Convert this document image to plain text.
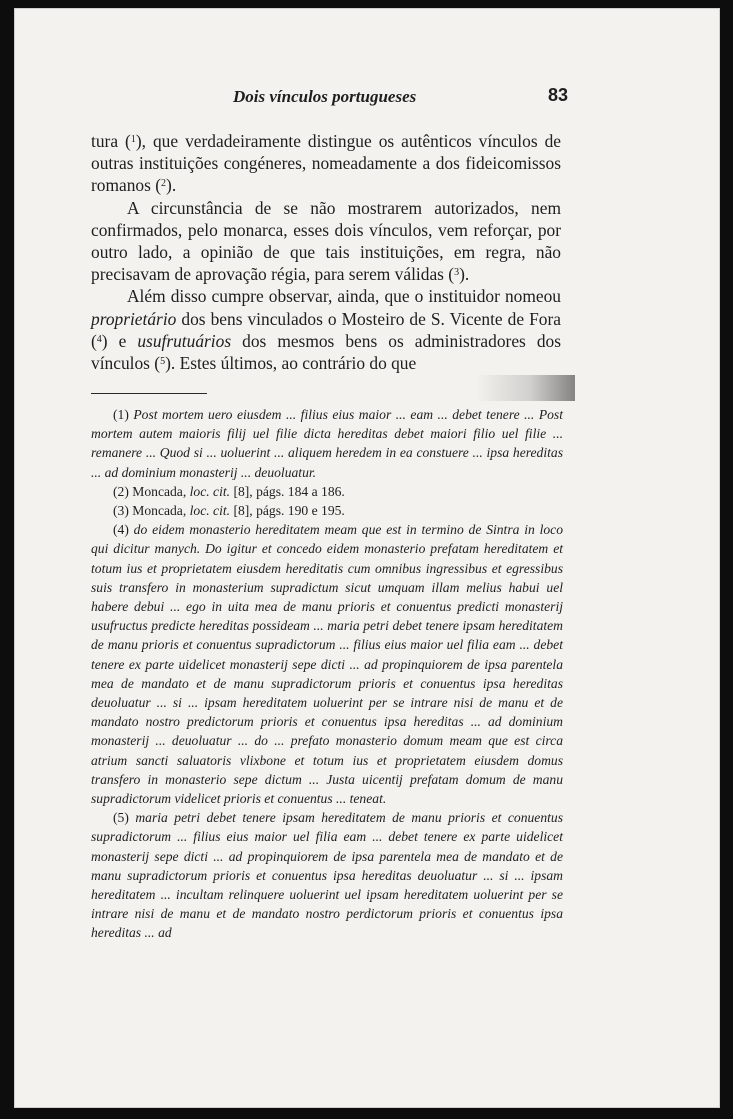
Dois vínculos portugueses	83

tura ($^1$), que verdadeiramente distingue os autênticos vínculos de outras instituições congéneres, nomeadamente a dos fideicomissos romanos ($^2$).

A circunstância de se não mostrarem autorizados, nem confirmados, pelo monarca, esses dois vínculos, vem reforçar, por outro lado, a opinião de que tais instituições, em regra, não precisavam de aprovação régia, para serem válidas ($^3$).

Além disso cumpre observar, ainda, que o instituidor nomeou proprietário dos bens vinculados o Mosteiro de S. Vicente de Fora ($^4$) e usufrutuários dos mesmos bens os administradores dos vínculos ($^5$). Estes últimos, ao contrário do que

(1) Post mortem uero eiusdem ... filius eius maior ... eam ... debet tenere ... Post mortem autem maioris filij uel filie dicta hereditas debet maiori filio uel filie ... remanere ... Quod si ... uoluerint ... aliquem heredem in ea constuere ... ipsa hereditas ... ad dominium monasterij ... deuoluatur.

(2) Moncada, loc. cit. [8], págs. 184 a 186.

(3) Moncada, loc. cit. [8], págs. 190 e 195.

(4) do eidem monasterio hereditatem meam que est in termino de Sintra in loco qui dicitur manych. Do igitur et concedo eidem monasterio prefatam hereditatem et totum ius et proprietatem eiusdem hereditatis cum omnibus ingressibus et egressibus suis transfero in monasterium supradictum sicut umquam illam melius habui uel habere debui ... ego in uita mea de manu prioris et conuentus predicti monasterij usufructus predicte hereditas possideam ... maria petri debet tenere ipsam hereditatem de manu prioris et conuentus supradictorum ... filius eius maior uel filia eam ... debet tenere ex parte uidelicet monasterij sepe dicti ... ad propinquiorem de ipsa parentela mea de mandato et de manu supradictorum prioris et conuentus ipsa hereditas deuoluatur ... si ... ipsam hereditatem uoluerint per se intrare nisi de manu et de mandato nostro predictorum prioris et conuentus ipsa hereditas ... ad dominium monasterij ... deuoluatur ... do ... prefato monasterio domum meam que est circa atrium sancti saluatoris vlixbone et totum ius et proprietatem eiusdem domus transfero in monasterio sepe dictum ... Justa uicentij prefatam domum de manu supradictorum videlicet prioris et conuentus ... teneat.

(5) maria petri debet tenere ipsam hereditatem de manu prioris et conuentus supradictorum ... filius eius maior uel filia eam ... debet tenere ex parte uidelicet monasterij sepe dicti ... ad propinquiorem de ipsa parentela mea de mandato et de manu supradictorum prioris et conuentus ipsa hereditas deuoluatur ... si ... ipsam hereditatem ... incultam relinquere uoluerint uel ipsam hereditatem uoluerint per se intrare nisi de manu et de mandato nostro perdictorum prioris et conuentus ipsa hereditas ... ad
